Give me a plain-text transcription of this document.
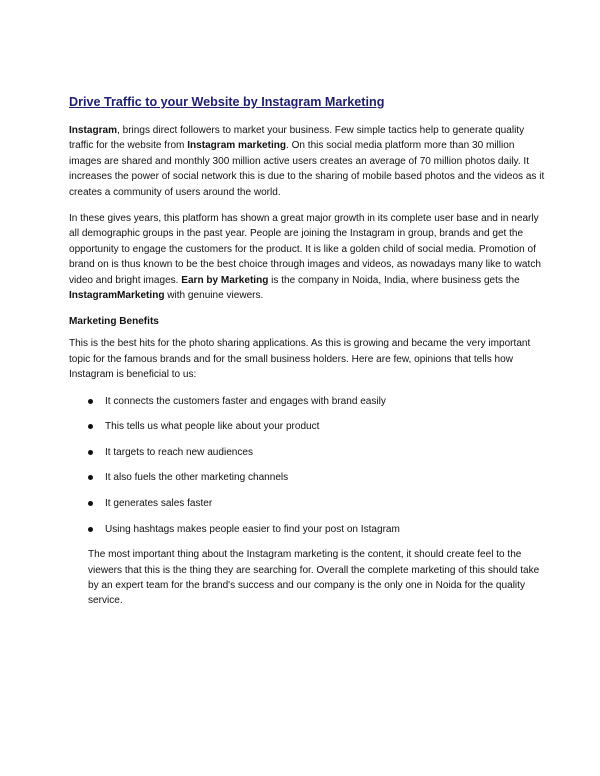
Drive Traffic to your Website by Instagram Marketing

Instagram, brings direct followers to market your business. Few simple tactics help to generate quality traffic for the website from Instagram marketing. On this social media platform more than 30 million images are shared and monthly 300 million active users creates an average of 70 million photos daily. It increases the power of social network this is due to the sharing of mobile based photos and the videos as it creates a community of users around the world.

In these gives years, this platform has shown a great major growth in its complete user base and in nearly all demographic groups in the past year. People are joining the Instagram in group, brands and get the opportunity to engage the customers for the product. It is like a golden child of social media. Promotion of brand on is thus known to be the best choice through images and videos, as nowadays many like to watch video and bright images. Earn by Marketing is the company in Noida, India, where business gets the InstagramMarketing with genuine viewers.

Marketing Benefits

This is the best hits for the photo sharing applications. As this is growing and became the very important topic for the famous brands and for the small business holders. Here are few, opinions that tells how Instagram is beneficial to us:

It connects the customers faster and engages with brand easily
This tells us what people like about your product
It targets to reach new audiences
It also fuels the other marketing channels
It generates sales faster
Using hashtags makes people easier to find your post on Istagram

The most important thing about the Instagram marketing is the content, it should create feel to the viewers that this is the thing they are searching for. Overall the complete marketing of this should take by an expert team for the brand's success and our company is the only one in Noida for the quality service.
